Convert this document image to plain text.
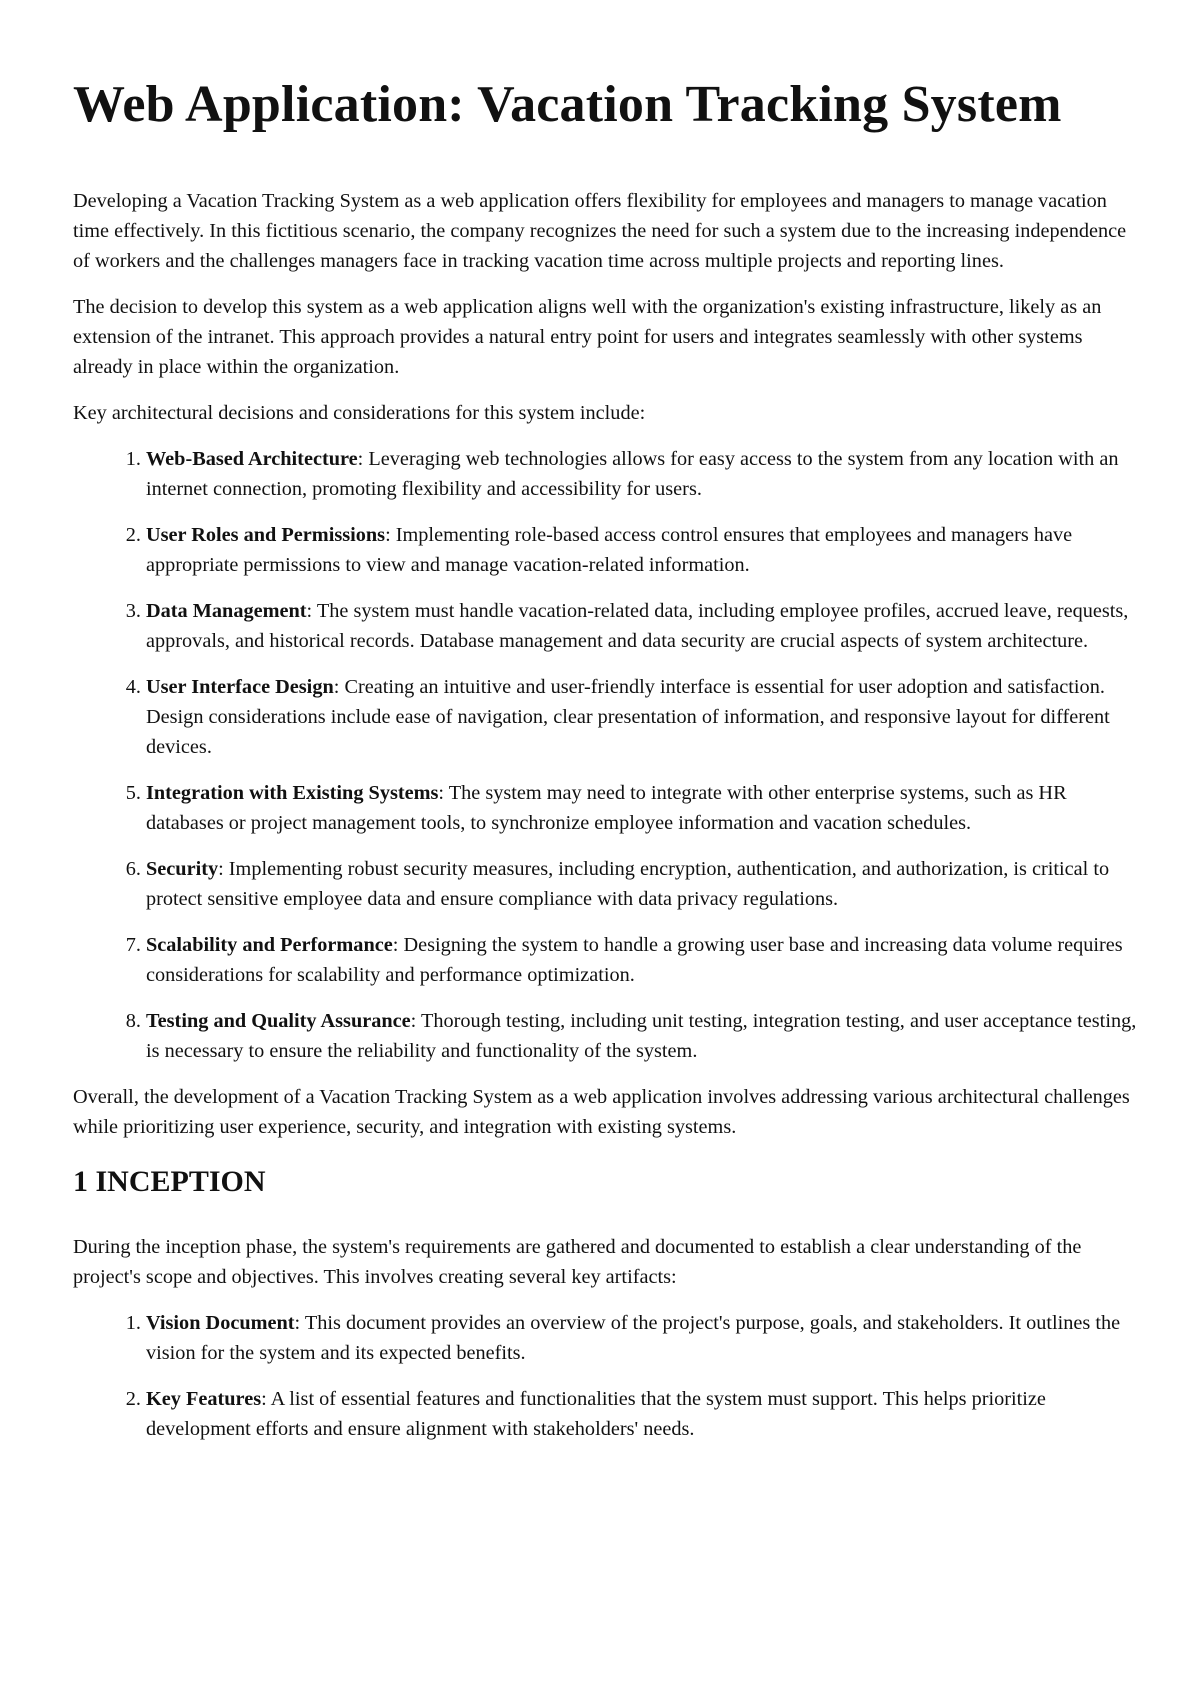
Web Application: Vacation Tracking System

Developing a Vacation Tracking System as a web application offers flexibility for employees and managers to manage vacation time effectively. In this fictitious scenario, the company recognizes the need for such a system due to the increasing independence of workers and the challenges managers face in tracking vacation time across multiple projects and reporting lines.

The decision to develop this system as a web application aligns well with the organization's existing infrastructure, likely as an extension of the intranet. This approach provides a natural entry point for users and integrates seamlessly with other systems already in place within the organization.

Key architectural decisions and considerations for this system include:

1. Web-Based Architecture: Leveraging web technologies allows for easy access to the system from any location with an internet connection, promoting flexibility and accessibility for users.
2. User Roles and Permissions: Implementing role-based access control ensures that employees and managers have appropriate permissions to view and manage vacation-related information.
3. Data Management: The system must handle vacation-related data, including employee profiles, accrued leave, requests, approvals, and historical records. Database management and data security are crucial aspects of system architecture.
4. User Interface Design: Creating an intuitive and user-friendly interface is essential for user adoption and satisfaction. Design considerations include ease of navigation, clear presentation of information, and responsive layout for different devices.
5. Integration with Existing Systems: The system may need to integrate with other enterprise systems, such as HR databases or project management tools, to synchronize employee information and vacation schedules.
6. Security: Implementing robust security measures, including encryption, authentication, and authorization, is critical to protect sensitive employee data and ensure compliance with data privacy regulations.
7. Scalability and Performance: Designing the system to handle a growing user base and increasing data volume requires considerations for scalability and performance optimization.
8. Testing and Quality Assurance: Thorough testing, including unit testing, integration testing, and user acceptance testing, is necessary to ensure the reliability and functionality of the system.

Overall, the development of a Vacation Tracking System as a web application involves addressing various architectural challenges while prioritizing user experience, security, and integration with existing systems.

1 INCEPTION

During the inception phase, the system's requirements are gathered and documented to establish a clear understanding of the project's scope and objectives. This involves creating several key artifacts:

1. Vision Document: This document provides an overview of the project's purpose, goals, and stakeholders. It outlines the vision for the system and its expected benefits.
2. Key Features: A list of essential features and functionalities that the system must support. This helps prioritize development efforts and ensure alignment with stakeholders' needs.
